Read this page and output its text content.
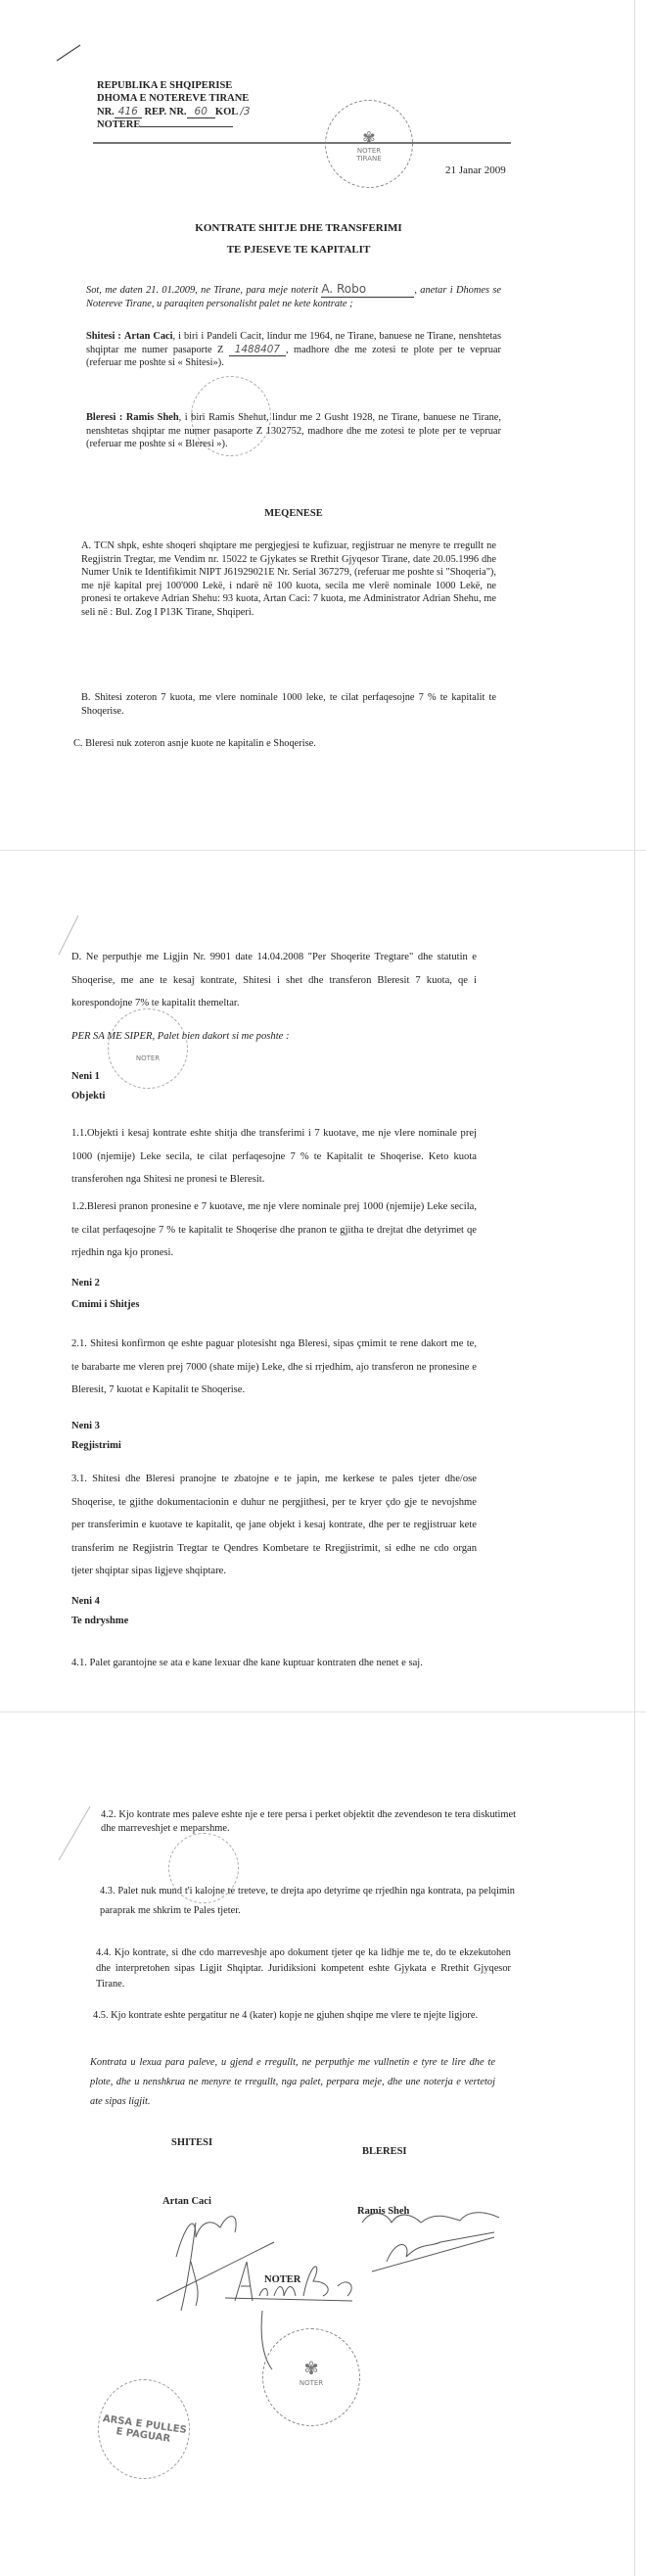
REPUBLIKA E SHQIPERISE
DHOMA E NOTEREVE TIRANE
NR. 416 REP. NR. 60 KOL /3
NOTERE
✾
NOTER
TIRANE
21 Janar 2009
KONTRATE SHITJE DHE TRANSFERIMI
TE PJESEVE TE KAPITALIT
Sot, me daten 21. 01.2009, ne Tirane, para meje noterit A. Robo	, anetar i Dhomes se Notereve Tirane, u paraqiten personalisht palet ne kete kontrate ;
Shitesi : Artan Caci, i biri i Pandeli Cacit, lindur me 1964, ne Tirane, banuese ne Tirane, nenshtetas shqiptar me numer pasaporte Z 1488407 , madhore dhe me zotesi te plote per te vepruar (referuar me poshte si « Shitesi»).
Bleresi : Ramis Sheh, i biri Ramis Shehut, lindur me 2 Gusht 1928, ne Tirane, banuese ne Tirane, nenshtetas shqiptar me numer pasaporte Z 1302752, madhore dhe me zotesi te plote per te vepruar (referuar me poshte si « Bleresi »).
MEQENESE
A. TCN shpk, eshte shoqeri shqiptare me pergjegjesi te kufizuar, regjistruar ne menyre te rregullt ne Regjistrin Tregtar, me Vendim nr. 15022 te Gjykates se Rrethit Gjyqesor Tirane, date 20.05.1996 dhe Numer Unik te Identifikimit NIPT J61929021E Nr. Serial 367279, (referuar me poshte si "Shoqeria"), me një kapital prej 100'000 Lekë, i ndarë në 100 kuota, secila me vlerë nominale 1000 Lekë, ne pronesi te ortakeve Adrian Shehu: 93 kuota, Artan Caci: 7 kuota, me Administrator Adrian Shehu, me seli në : Bul. Zog I P13K Tirane, Shqiperi.
B. Shitesi zoteron 7 kuota, me vlere nominale 1000 leke, te cilat perfaqesojne 7 % te kapitalit te Shoqerise.
C. Bleresi nuk zoteron asnje kuote ne kapitalin e Shoqerise.
D. Ne perputhje me Ligjin Nr. 9901 date 14.04.2008 "Per Shoqerite Tregtare" dhe statutin e Shoqerise, me ane te kesaj kontrate, Shitesi i shet dhe transferon Bleresit 7 kuota, qe i korespondojne 7% te kapitalit themeltar.
PER SA ME SIPER, Palet bien dakort si me poshte :
NOTER
Neni 1
Objekti
1.1.Objekti i kesaj kontrate eshte shitja dhe transferimi i 7 kuotave, me nje vlere nominale prej 1000 (njemije) Leke secila, te cilat perfaqesojne 7 % te Kapitalit te Shoqerise. Keto kuota transferohen nga Shitesi ne pronesi te Bleresit.
1.2.Bleresi pranon pronesine e 7 kuotave, me nje vlere nominale prej 1000 (njemije) Leke secila, te cilat perfaqesojne 7 % te kapitalit te Shoqerise dhe pranon te gjitha te drejtat dhe detyrimet qe rrjedhin nga kjo pronesi.
Neni 2
Cmimi i Shitjes
2.1. Shitesi konfirmon qe eshte paguar plotesisht nga Bleresi, sipas çmimit te rene dakort me te, te barabarte me vleren prej 7000 (shate mije) Leke, dhe si rrjedhim, ajo transferon ne pronesine e Bleresit, 7 kuotat e Kapitalit te Shoqerise.
Neni 3
Regjistrimi
3.1. Shitesi dhe Bleresi pranojne te zbatojne e te japin, me kerkese te pales tjeter dhe/ose Shoqerise, te gjithe dokumentacionin e duhur ne pergjithesi, per te kryer çdo gje te nevojshme per transferimin e kuotave te kapitalit, qe jane objekt i kesaj kontrate, dhe per te regjistruar kete transferim ne Regjistrin Tregtar te Qendres Kombetare te Rregjistrimit, si edhe ne cdo organ tjeter shqiptar sipas ligjeve shqiptare.
Neni 4
Te ndryshme
4.1. Palet garantojne se ata e kane lexuar dhe kane kuptuar kontraten dhe nenet e saj.
4.2. Kjo kontrate mes paleve eshte nje e tere persa i perket objektit dhe zevendeson te tera diskutimet dhe marreveshjet e meparshme.
4.3. Palet nuk mund t'i kalojne te treteve, te drejta apo detyrime qe rrjedhin nga kontrata, pa pelqimin paraprak me shkrim te Pales tjeter.
4.4. Kjo kontrate, si dhe cdo marreveshje apo dokument tjeter qe ka lidhje me te, do te ekzekutohen dhe interpretohen sipas Ligjit Shqiptar. Juridiksioni kompetent eshte Gjykata e Rrethit Gjyqesor Tirane.
4.5. Kjo kontrate eshte pergatitur ne 4 (kater) kopje ne gjuhen shqipe me vlere te njejte ligjore.
Kontrata u lexua para paleve, u gjend e rregullt, ne perputhje me vullnetin e tyre te lire dhe te plote, dhe u nenshkrua ne menyre te rregullt, nga palet, perpara meje, dhe une noterja e vertetoj ate sipas ligjit.
SHITESI
BLERESI
Artan Caci
Ramis Sheh
NOTER
✾
NOTER
ARSA E PULLES E PAGUAR
